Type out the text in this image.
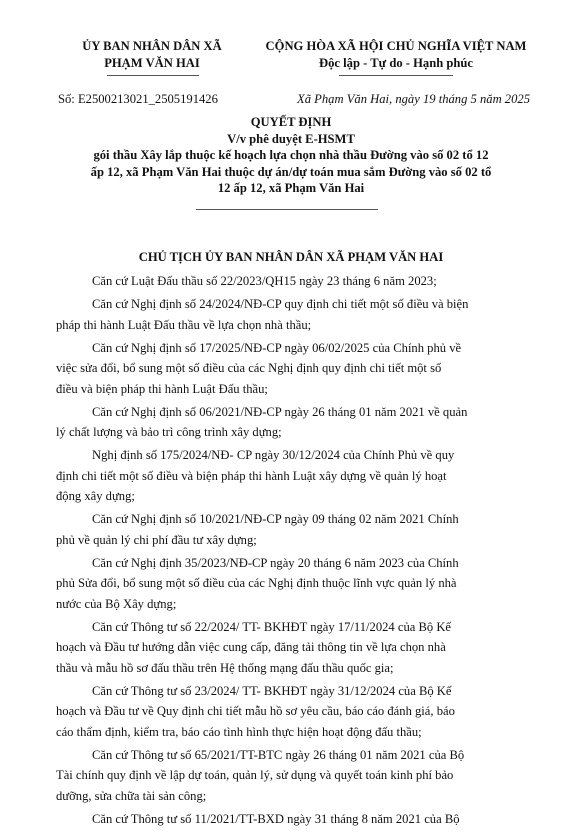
ỦY BAN NHÂN DÂN XÃ
PHẠM VĂN HAI
CỘNG HÒA XÃ HỘI CHỦ NGHĨA VIỆT NAM
Độc lập - Tự do - Hạnh phúc
Số: E2500213021_2505191426	Xã Phạm Văn Hai, ngày 19 tháng 5 năm 2025
QUYẾT ĐỊNH
V/v phê duyệt E-HSMT
gói thầu Xây lắp thuộc kế hoạch lựa chọn nhà thầu Đường vào số 02 tổ 12
ấp 12, xã Phạm Văn Hai thuộc dự án/dự toán mua sắm Đường vào số 02 tổ
12 ấp 12, xã Phạm Văn Hai
CHỦ TỊCH ỦY BAN NHÂN DÂN XÃ PHẠM VĂN HAI
Căn cứ Luật Đấu thầu số 22/2023/QH15 ngày 23 tháng 6 năm 2023;
Căn cứ Nghị định số 24/2024/NĐ-CP quy định chi tiết một số điều và biện
pháp thi hành Luật Đấu thầu về lựa chọn nhà thầu;
Căn cứ Nghị định số 17/2025/NĐ-CP ngày 06/02/2025 của Chính phủ về
việc sửa đổi, bổ sung một số điều của các Nghị định quy định chi tiết một số
điều và biện pháp thi hành Luật Đấu thầu;
Căn cứ Nghị định số 06/2021/NĐ-CP ngày 26 tháng 01 năm 2021 về quản
lý chất lượng và bảo trì công trình xây dựng;
Nghị định số 175/2024/NĐ- CP ngày 30/12/2024 của Chính Phủ về quy
định chi tiết một số điều và biện pháp thi hành Luật xây dựng về quản lý hoạt
động xây dựng;
Căn cứ Nghị định số 10/2021/NĐ-CP ngày 09 tháng 02 năm 2021 Chính
phủ về quản lý chi phí đầu tư xây dựng;
Căn cứ Nghị định 35/2023/NĐ-CP ngày 20 tháng 6 năm 2023 của Chính
phủ Sửa đổi, bổ sung một số điều của các Nghị định thuộc lĩnh vực quản lý nhà
nước của Bộ Xây dựng;
Căn cứ Thông tư số 22/2024/ TT- BKHĐT ngày 17/11/2024 của Bộ Kế
hoạch và Đầu tư hướng dẫn việc cung cấp, đăng tải thông tin về lựa chọn nhà
thầu và mẫu hồ sơ đấu thầu trên Hệ thống mạng đấu thầu quốc gia;
Căn cứ Thông tư số 23/2024/ TT- BKHĐT ngày 31/12/2024 của Bộ Kế
hoạch và Đầu tư về Quy định chi tiết mẫu hồ sơ yêu cầu, báo cáo đánh giá, báo
cáo thẩm định, kiểm tra, báo cáo tình hình thực hiện hoạt động đấu thầu;
Căn cứ Thông tư số 65/2021/TT-BTC ngày 26 tháng 01 năm 2021 của Bộ
Tài chính quy định về lập dự toán, quản lý, sử dụng và quyết toán kinh phí bảo
dưỡng, sửa chữa tài sản công;
Căn cứ Thông tư số 11/2021/TT-BXD ngày 31 tháng 8 năm 2021 của Bộ
